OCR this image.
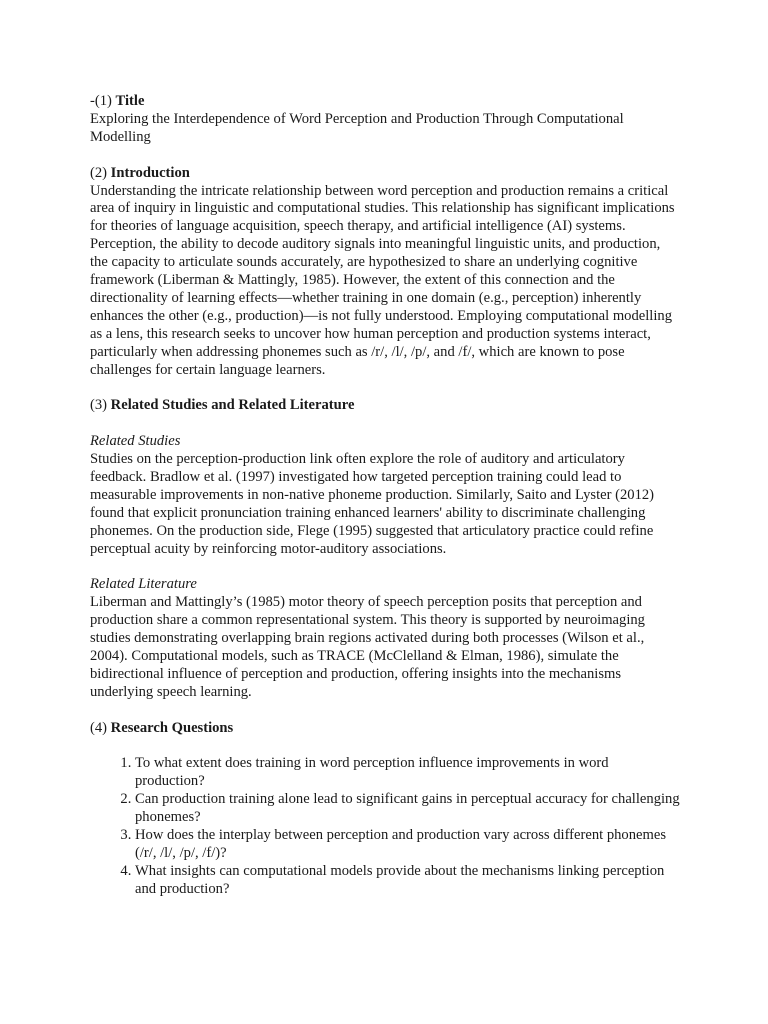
-(1) Title

Exploring the Interdependence of Word Perception and Production Through Computational Modelling

(2) Introduction

Understanding the intricate relationship between word perception and production remains a critical area of inquiry in linguistic and computational studies. This relationship has significant implications for theories of language acquisition, speech therapy, and artificial intelligence (AI) systems. Perception, the ability to decode auditory signals into meaningful linguistic units, and production, the capacity to articulate sounds accurately, are hypothesized to share an underlying cognitive framework (Liberman & Mattingly, 1985). However, the extent of this connection and the directionality of learning effects—whether training in one domain (e.g., perception) inherently enhances the other (e.g., production)—is not fully understood. Employing computational modelling as a lens, this research seeks to uncover how human perception and production systems interact, particularly when addressing phonemes such as /r/, /l/, /p/, and /f/, which are known to pose challenges for certain language learners.

(3) Related Studies and Related Literature

Related Studies

Studies on the perception-production link often explore the role of auditory and articulatory feedback. Bradlow et al. (1997) investigated how targeted perception training could lead to measurable improvements in non-native phoneme production. Similarly, Saito and Lyster (2012) found that explicit pronunciation training enhanced learners' ability to discriminate challenging phonemes. On the production side, Flege (1995) suggested that articulatory practice could refine perceptual acuity by reinforcing motor-auditory associations.

Related Literature

Liberman and Mattingly’s (1985) motor theory of speech perception posits that perception and production share a common representational system. This theory is supported by neuroimaging studies demonstrating overlapping brain regions activated during both processes (Wilson et al., 2004). Computational models, such as TRACE (McClelland & Elman, 1986), simulate the bidirectional influence of perception and production, offering insights into the mechanisms underlying speech learning.

(4) Research Questions

1. To what extent does training in word perception influence improvements in word production?
2. Can production training alone lead to significant gains in perceptual accuracy for challenging phonemes?
3. How does the interplay between perception and production vary across different phonemes (/r/, /l/, /p/, /f/)?
4. What insights can computational models provide about the mechanisms linking perception and production?
